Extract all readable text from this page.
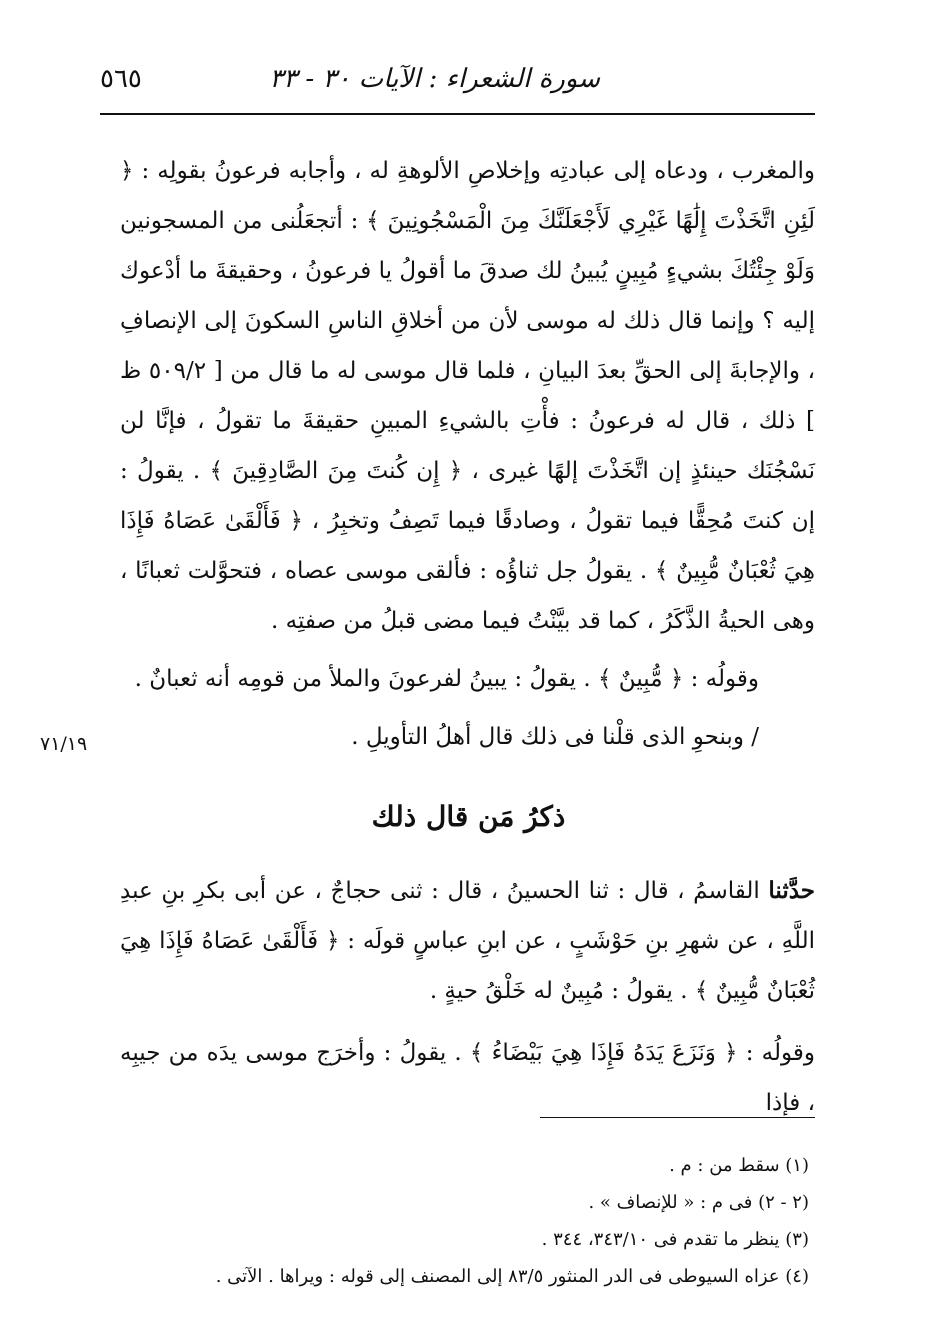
سورة الشعراء : الآيات ٣٠ - ٣٣
٥٦٥

والمغرب ، ودعاه إلى عبادتِه وإخلاصِ الألوهةِ له ، وأجابه فرعونُ بقولِه : ﴿ لَئِنِ اتَّخَذْتَ إِلَٰهًا غَيْرِي لَأَجْعَلَنَّكَ مِنَ الْمَسْجُونِينَ ﴾ : أتجعَلُنى من المسجونين وَلَوْ جِئْتُكَ بشيءٍ مُبِينٍ يُبينُ لك صدقَ ما أقولُ يا فرعونُ ، وحقيقةَ ما أدْعوك إليه ؟ وإنما قال ذلك له موسى لأن من أخلاقِ الناسِ السكونَ إلى الإنصافِ ، والإجابةَ إلى الحقِّ بعدَ البيانِ ، فلما قال موسى له ما قال من [ ٥٠٩/٢ ظ ] ذلك ، قال له فرعونُ : فأْتِ بالشيءِ المبينِ حقيقةَ ما تقولُ ، فإنَّا لن نَسْجُنَك حينئذٍ إن اتَّخَذْتَ إلهًا غيرى ، ﴿ إِن كُنتَ مِنَ الصَّادِقِينَ ﴾ . يقولُ : إن كنتَ مُحِقًّا فيما تقولُ ، وصادقًا فيما تَصِفُ وتخبِرُ ، ﴿ فَأَلْقَىٰ عَصَاهُ فَإِذَا هِيَ ثُعْبَانٌ مُّبِينٌ ﴾ . يقولُ جل ثناؤُه : فألقى موسى عصاه ، فتحوَّلت ثعبانًا ، وهى الحيةُ الذَّكَرُ ، كما قد بيَّنْتُ فيما مضى قبلُ من صفتِه .

وقولُه : ﴿ مُّبِينٌ ﴾ . يقولُ : يبينُ لفرعونَ والملأ من قومِه أنه ثعبانٌ .
/ وبنحوِ الذى قلْنا فى ذلك قال أهلُ التأويلِ .
٧١/١٩
ذكرُ مَن قال ذلك

حدَّثنا القاسمُ ، قال : ثنا الحسينُ ، قال : ثنى حجاجٌ ، عن أبى بكرِ بنِ عبدِ اللَّهِ ، عن شهرِ بنِ حَوْشَبٍ ، عن ابنِ عباسٍ قولَه : ﴿ فَأَلْقَىٰ عَصَاهُ فَإِذَا هِيَ ثُعْبَانٌ مُّبِينٌ ﴾ . يقولُ : مُبِينٌ له خَلْقُ حيةٍ .

وقولُه : ﴿ وَنَزَعَ يَدَهُ فَإِذَا هِيَ بَيْضَاءُ ﴾ . يقولُ : وأخرَج موسى يدَه من جيبِه ، فإذا

(١) سقط من : م .
(٢ - ٢) فى م : « للإنصاف » .
(٣) ينظر ما تقدم فى ٣٤٣/١٠، ٣٤٤ .
(٤) عزاه السيوطى فى الدر المنثور ٨٣/٥ إلى المصنف إلى قوله : ويراها . الآتى .
